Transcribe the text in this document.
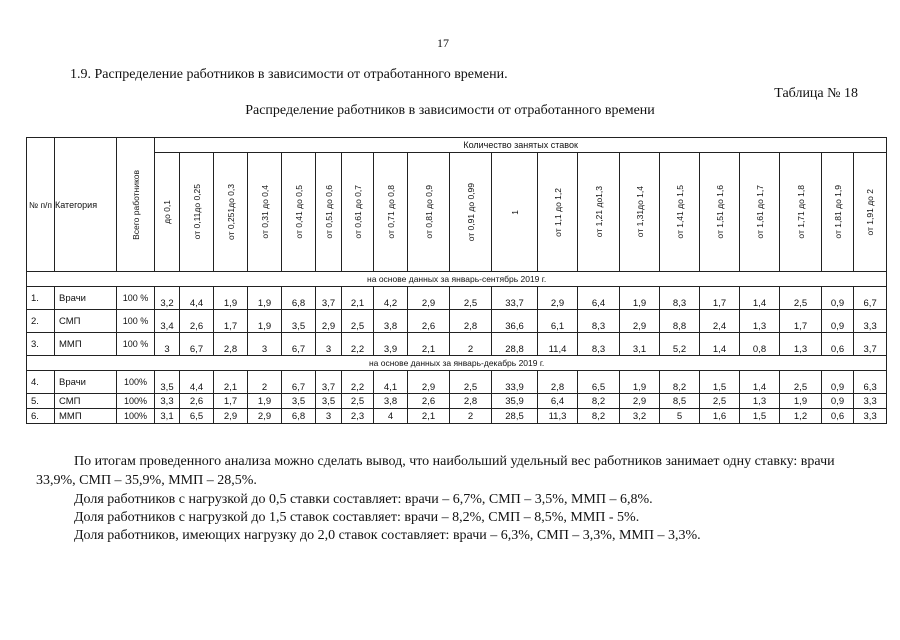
17
1.9. Распределение работников в зависимости от отработанного времени.
Таблица № 18
Распределение работников в зависимости от отработанного времени
№ п/п	Категория	Всего работников	Количество занятых ставок																			

			до 0,1	от 0,11до 0,25	от 0,251до 0,3	от 0,31 до 0,4	от 0,41 до 0,5	от 0,51 до 0,6	от 0,61 до 0,7	от 0,71 до 0,8	от 0,81 до 0,9	от 0,91 до 0,99	1	от 1,1 до 1,2	от 1,21 до1,3	от 1,31до 1,4	от 1,41 до 1,5	от 1,51 до 1,6	от 1,61 до 1,7	от 1,71 до 1,8	от 1,81 до 1,9	от 1,91 до 2

на основе данных за январь-сентябрь 2019 г.																						
1.	Врачи	100 %	3,2	4,4	1,9	1,9	6,8	3,7	2,1	4,2	2,9	2,5	33,7	2,9	6,4	1,9	8,3	1,7	1,4	2,5	0,9	6,7
2.	СМП	100 %	3,4	2,6	1,7	1,9	3,5	2,9	2,5	3,8	2,6	2,8	36,6	6,1	8,3	2,9	8,8	2,4	1,3	1,7	0,9	3,3
3.	ММП	100 %	3	6,7	2,8	3	6,7	3	2,2	3,9	2,1	2	28,8	11,4	8,3	3,1	5,2	1,4	0,8	1,3	0,6	3,7
на основе данных за январь-декабрь 2019 г.																						
4.	Врачи	100%	3,5	4,4	2,1	2	6,7	3,7	2,2	4,1	2,9	2,5	33,9	2,8	6,5	1,9	8,2	1,5	1,4	2,5	0,9	6,3
5.	СМП	100%	3,3	2,6	1,7	1,9	3,5	3,5	2,5	3,8	2,6	2,8	35,9	6,4	8,2	2,9	8,5	2,5	1,3	1,9	0,9	3,3
6.	ММП	100%	3,1	6,5	2,9	2,9	6,8	3	2,3	4	2,1	2	28,5	11,3	8,2	3,2	5	1,6	1,5	1,2	0,6	3,3
По итогам проведенного анализа можно сделать вывод, что наибольший удельный вес работников занимает одну ставку: врачи 33,9%, СМП – 35,9%, ММП – 28,5%.
Доля работников с нагрузкой до 0,5 ставки составляет: врачи – 6,7%, СМП – 3,5%, ММП – 6,8%.
Доля работников с нагрузкой до 1,5 ставок составляет: врачи – 8,2%, СМП – 8,5%, ММП - 5%.
Доля работников, имеющих нагрузку до 2,0 ставок составляет: врачи – 6,3%, СМП – 3,3%, ММП – 3,3%.
